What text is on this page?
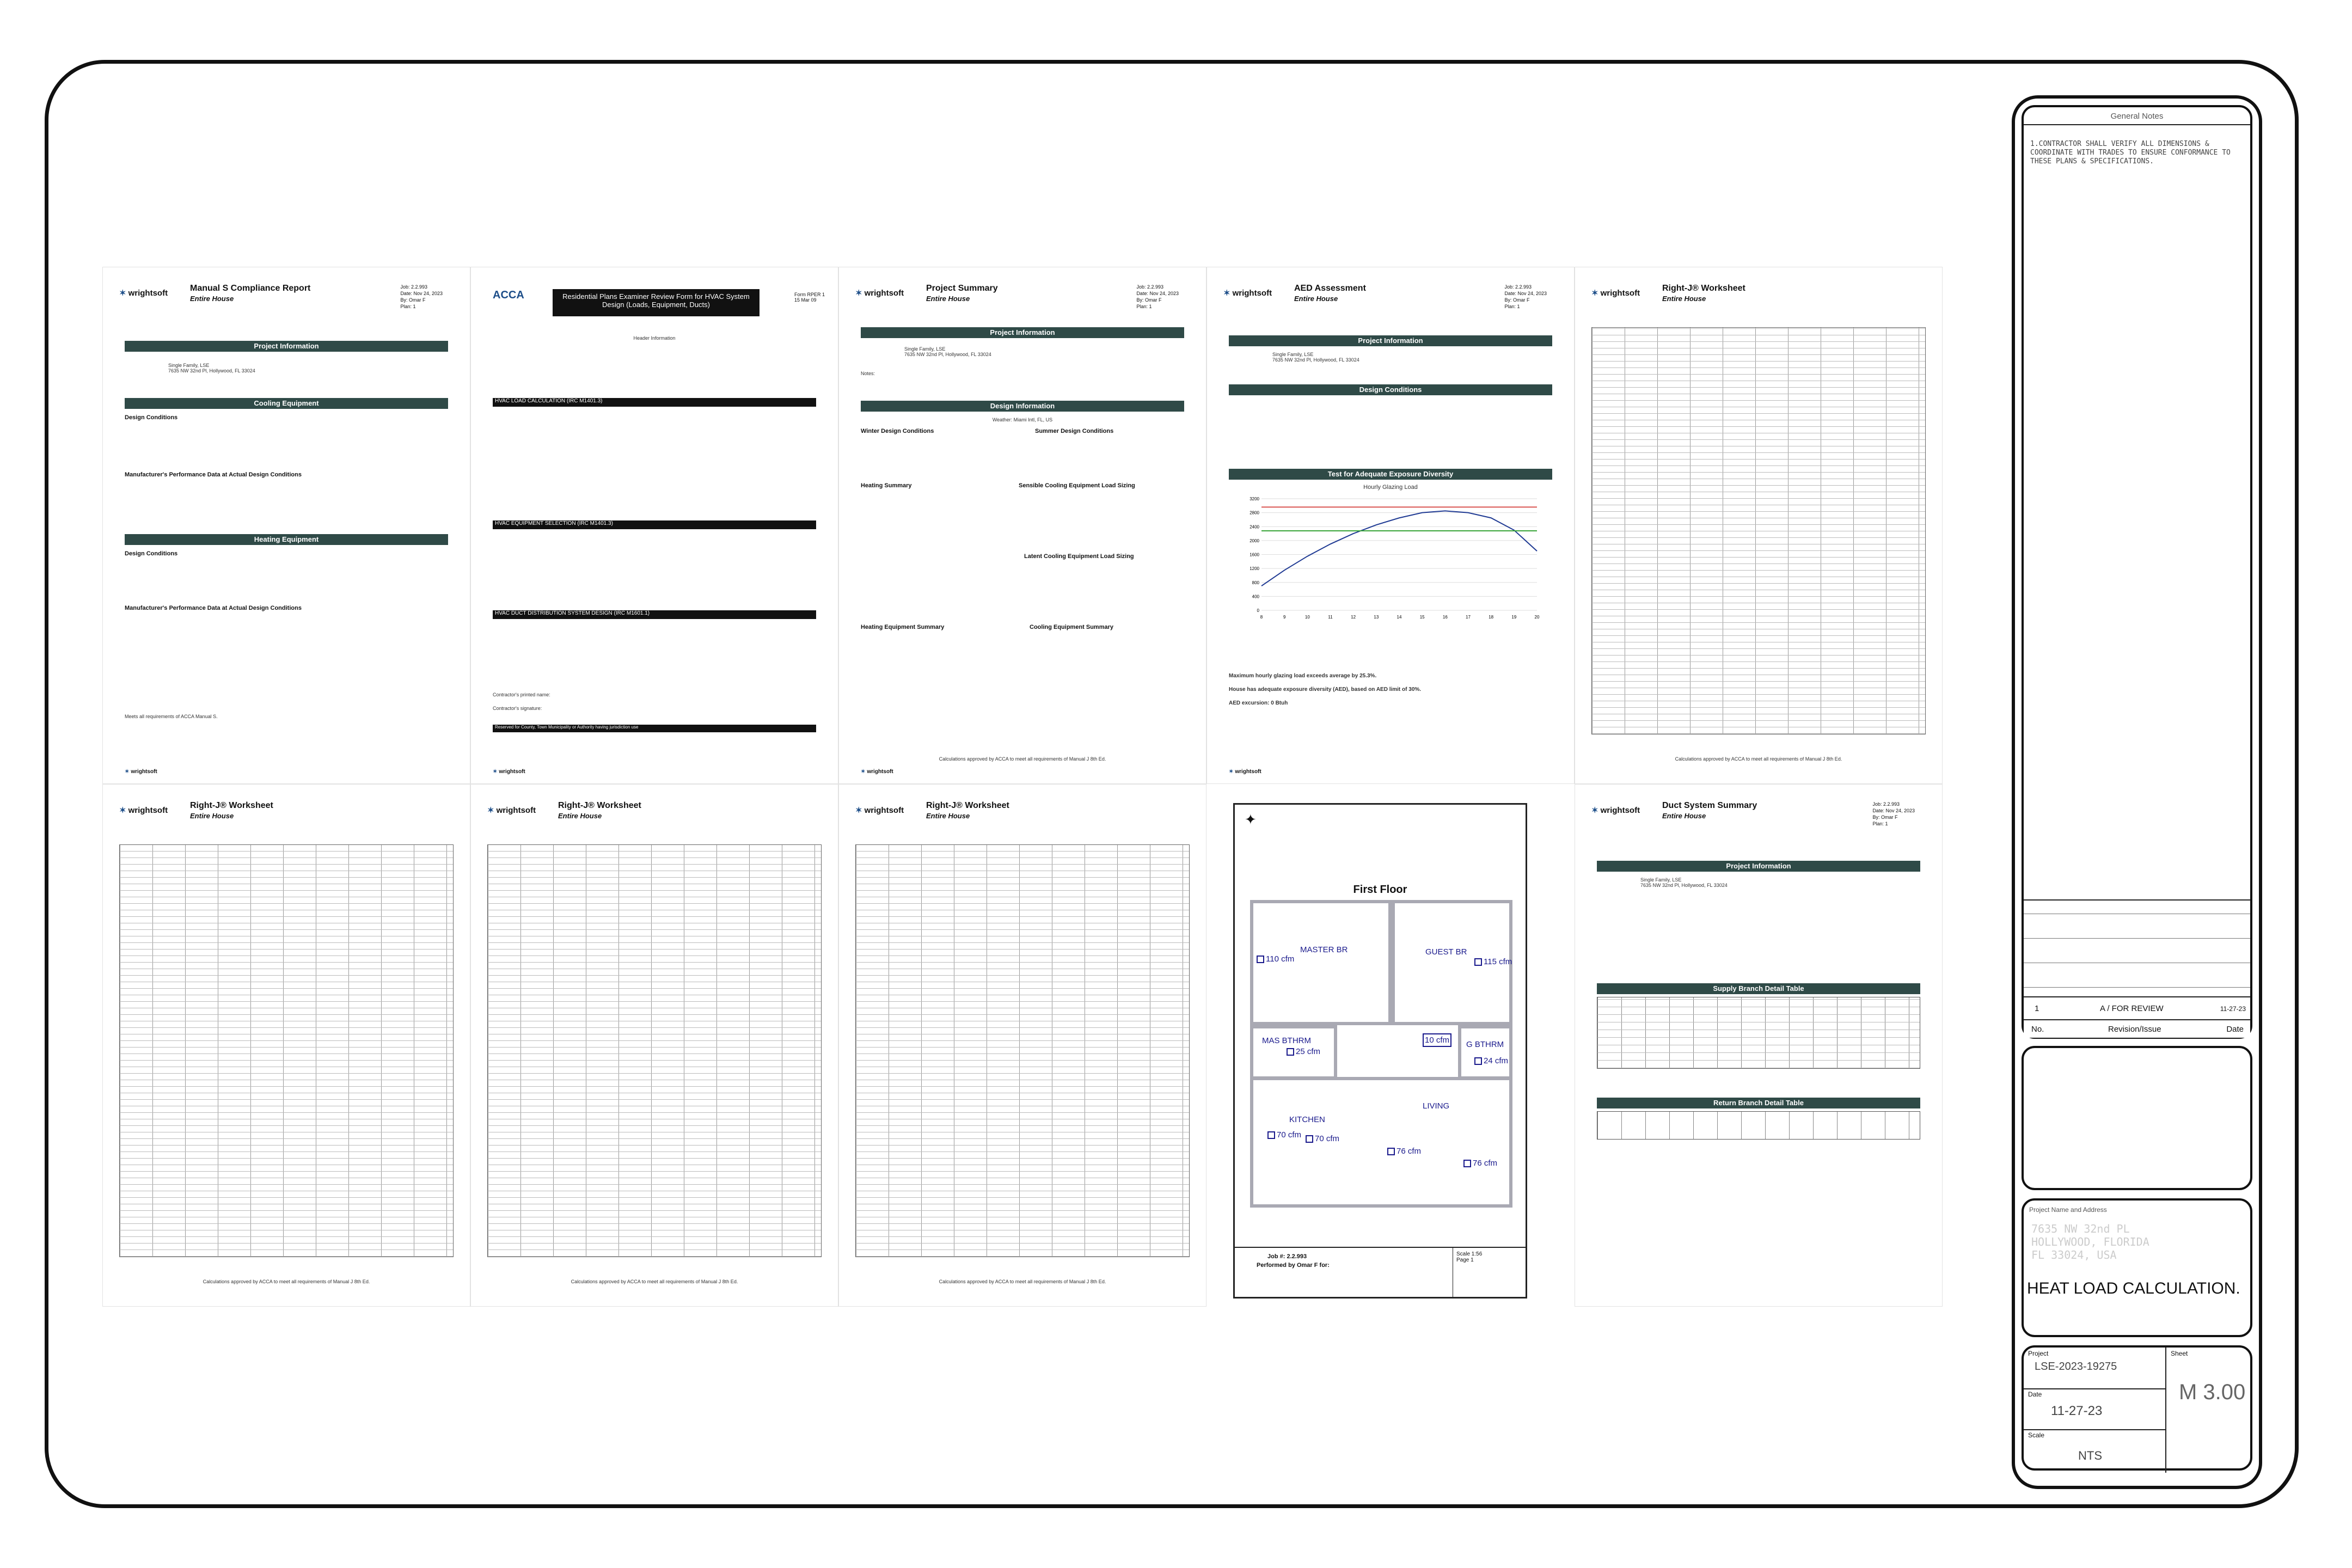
✶ wrightsoft
Manual S Compliance Report
Entire House
Job: 2.2.993
Date: Nov 24, 2023
By: Omar F
Plan: 1
Project Information
Single Family, LSE
7635 NW 32nd Pl, Hollywood, FL 33024
Cooling Equipment
Design Conditions
Manufacturer's Performance Data at Actual Design Conditions
Heating Equipment
Design Conditions
Manufacturer's Performance Data at Actual Design Conditions
Meets all requirements of ACCA Manual S.
✶ wrightsoft
ACCA	Residential Plans Examiner Review Form for HVAC System Design (Loads, Equipment, Ducts)
Form RPER 1 15 Mar 09
Header Information
HVAC LOAD CALCULATION (IRC M1401.3)
HVAC EQUIPMENT SELECTION (IRC M1401.3)
HVAC DUCT DISTRIBUTION SYSTEM DESIGN (IRC M1601.1)
Contractor's printed name:
Contractor's signature:
Reserved for County, Town Municipality or Authority having jurisdiction use
✶ wrightsoft
✶ wrightsoft
Project Summary
Entire House
Job: 2.2.993
Date: Nov 24, 2023
By: Omar F
Plan: 1
Project Information
Single Family, LSE
7635 NW 32nd Pl, Hollywood, FL 33024
Notes:
Design Information
Weather: Miami Intl, FL, US
Winter Design Conditions	Summer Design Conditions
Heating Summary	Sensible Cooling Equipment Load Sizing
Latent Cooling Equipment Load Sizing
Heating Equipment Summary	Cooling Equipment Summary
Calculations approved by ACCA to meet all requirements of Manual J 8th Ed.
✶ wrightsoft
✶ wrightsoft
AED Assessment
Entire House
Job: 2.2.993
Date: Nov 24, 2023
By: Omar F
Plan: 1
Project Information
Single Family, LSE
7635 NW 32nd Pl, Hollywood, FL 33024
Design Conditions
Test for Adequate Exposure Diversity
Hourly Glazing Load
0
400
800
1200
1600
2000
2400
2800
3200
8	9	10	11	12	13	14	15	16	17	18	19	20
Maximum hourly glazing load exceeds average by 25.3%.
House has adequate exposure diversity (AED), based on AED limit of 30%.
AED excursion: 0 Btuh
✶ wrightsoft
✶ wrightsoft
Right-J® Worksheet
Entire House
Calculations approved by ACCA to meet all requirements of Manual J 8th Ed.
✶ wrightsoft
Right-J® Worksheet
Entire House
Calculations approved by ACCA to meet all requirements of Manual J 8th Ed.
✶ wrightsoft
Right-J® Worksheet
Entire House
Calculations approved by ACCA to meet all requirements of Manual J 8th Ed.
✶ wrightsoft
Right-J® Worksheet
Entire House
Calculations approved by ACCA to meet all requirements of Manual J 8th Ed.
✦
First Floor
110 cfm
MASTER BR	GUEST BR
115 cfm
MAS BTHRM
25 cfm
10 cfm G BTHRM
24 cfm
LIVING
KITCHEN
70 cfm	70 cfm
76 cfm
76 cfm
Job #: 2.2.993
Performed by Omar F for:
Scale 1:56
Page 1
✶ wrightsoft
Duct System Summary
Entire House
Job: 2.2.993
Date: Nov 24, 2023
By: Omar F
Plan: 1
Project Information
Single Family, LSE
7635 NW 32nd Pl, Hollywood, FL 33024
Supply Branch Detail Table
Return Branch Detail Table
General Notes
1.CONTRACTOR SHALL VERIFY ALL DIMENSIONS & COORDINATE WITH TRADES TO ENSURE CONFORMANCE TO THESE PLANS & SPECIFICATIONS.
1	A / FOR REVIEW	11-27-23
No.	Revision/Issue	Date
Project Name and Address
7635 NW 32nd PL
HOLLYWOOD, FLORIDA
FL 33024, USA
HEAT LOAD CALCULATION.
Project
LSE-2023-19275
Date
11-27-23
Scale
NTS
Sheet
M 3.00
